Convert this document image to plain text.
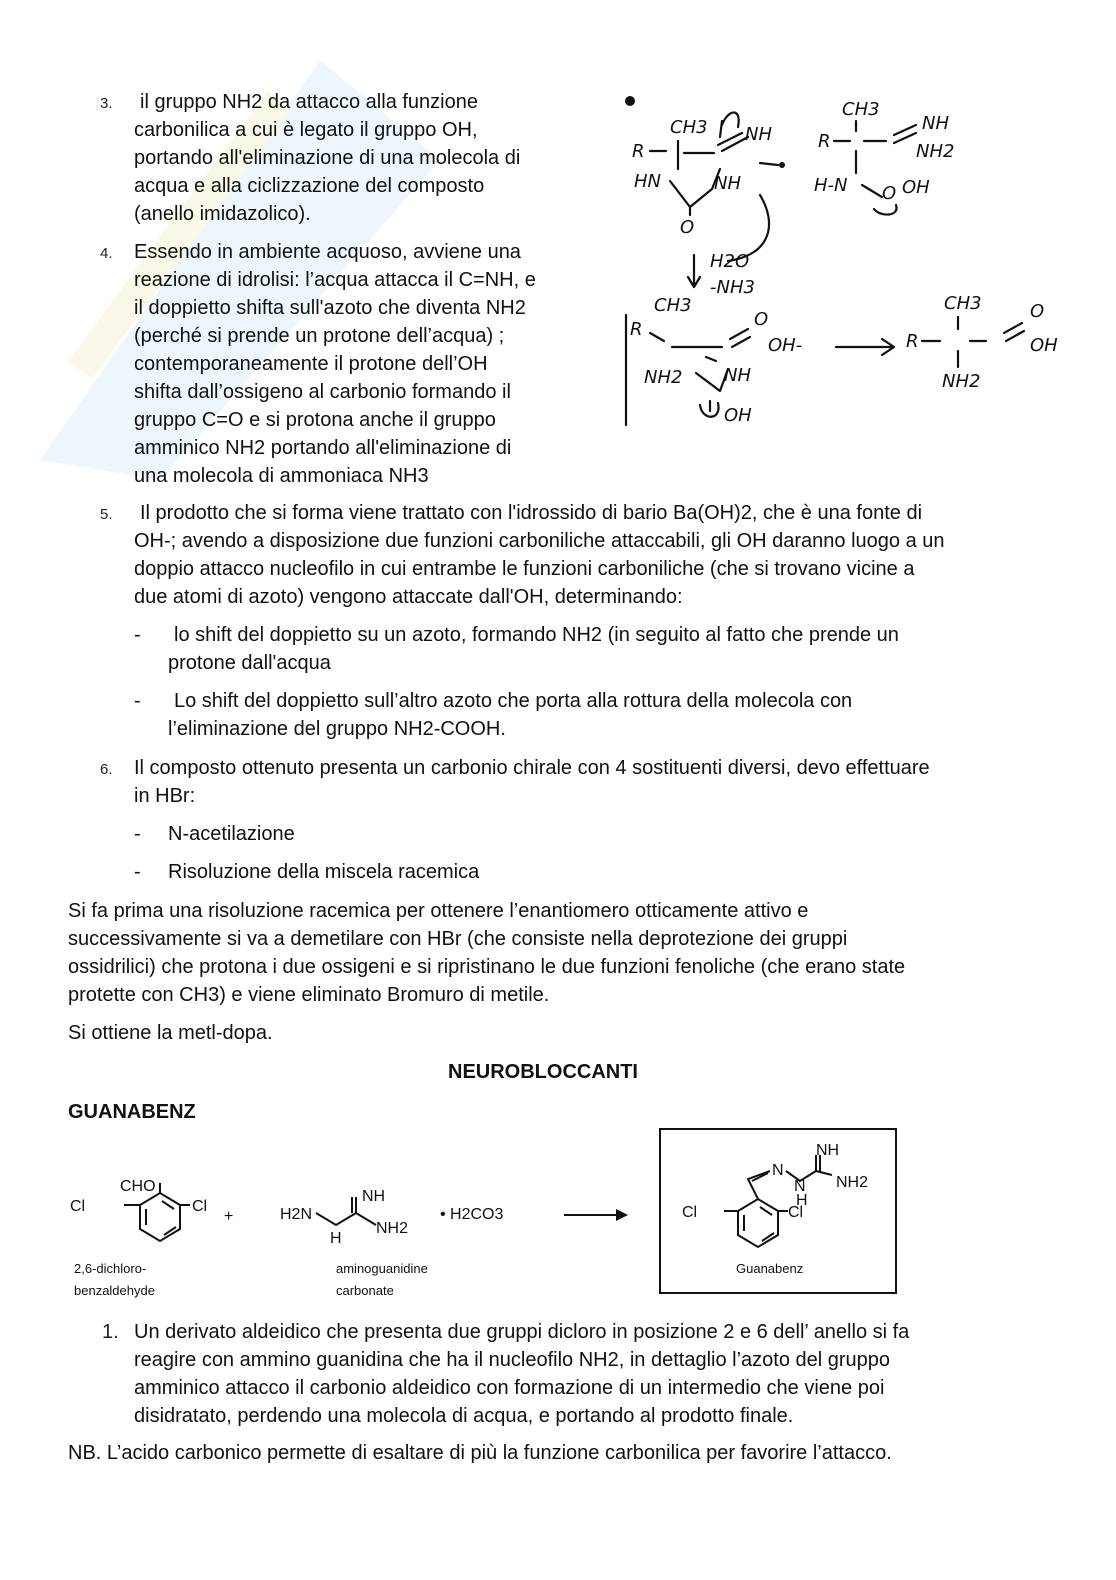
3.	il gruppo NH2 da attacco alla funzione
carbonilica a cui è legato il gruppo OH,
portando all'eliminazione di una molecola di
acqua e alla ciclizzazione del composto
(anello imidazolico).
4. Essendo in ambiente acquoso, avviene una
reazione di idrolisi: l’acqua attacca il C=NH, e
il doppietto shifta sull'azoto che diventa NH2
(perché si prende un protone dell’acqua) ;
contemporaneamente il protone dell’OH
shifta dall’ossigeno al carbonio formando il
gruppo C=O e si protona anche il gruppo
amminico NH2 portando all'eliminazione di
una molecola di ammoniaca NH3
CH3
R
NH
HN	NH
O
CH3
R
NH
NH2
H-N O OH
H2O
-NH3
CH3
R	O
OH-
NH2 NH
OH
CH3
R
O
OH
NH2
5.	Il prodotto che si forma viene trattato con l'idrossido di bario Ba(OH)2, che è una fonte di
OH-; avendo a disposizione due funzioni carboniliche attaccabili, gli OH daranno luogo a un
doppio attacco nucleofilo in cui entrambe le funzioni carboniliche (che si trovano vicine a
due atomi di azoto) vengono attaccate dall'OH, determinando:
-	lo shift del doppietto su un azoto, formando NH2 (in seguito al fatto che prende un
protone dall'acqua
-	Lo shift del doppietto sull’altro azoto che porta alla rottura della molecola con
l’eliminazione del gruppo NH2-COOH.
6. Il composto ottenuto presenta un carbonio chirale con 4 sostituenti diversi, devo effettuare
in HBr:
- N-acetilazione
- Risoluzione della miscela racemica
Si fa prima una risoluzione racemica per ottenere l’enantiomero otticamente attivo e
successivamente si va a demetilare con HBr (che consiste nella deprotezione dei gruppi
ossidrilici) che protona i due ossigeni e si ripristinano le due funzioni fenoliche (che erano state
protette con CH3) e viene eliminato Bromuro di metile.
Si ottiene la metl-dopa.
NEUROBLOCCANTI
GUANABENZ
CHO
Cl	Cl
2,6-dichloro-
benzaldehyde
+	H2N
NH
NH2
H
• H2CO3
aminoguanidine
carbonate
N
N
H
NH
NH2
Cl	Cl
Guanabenz
1. Un derivato aldeidico che presenta due gruppi dicloro in posizione 2 e 6 dell’ anello si fa
reagire con ammino guanidina che ha il nucleofilo NH2, in dettaglio l’azoto del gruppo
amminico attacco il carbonio aldeidico con formazione di un intermedio che viene poi
disidratato, perdendo una molecola di acqua, e portando al prodotto finale.
NB. L’acido carbonico permette di esaltare di più la funzione carbonilica per favorire l’attacco.
